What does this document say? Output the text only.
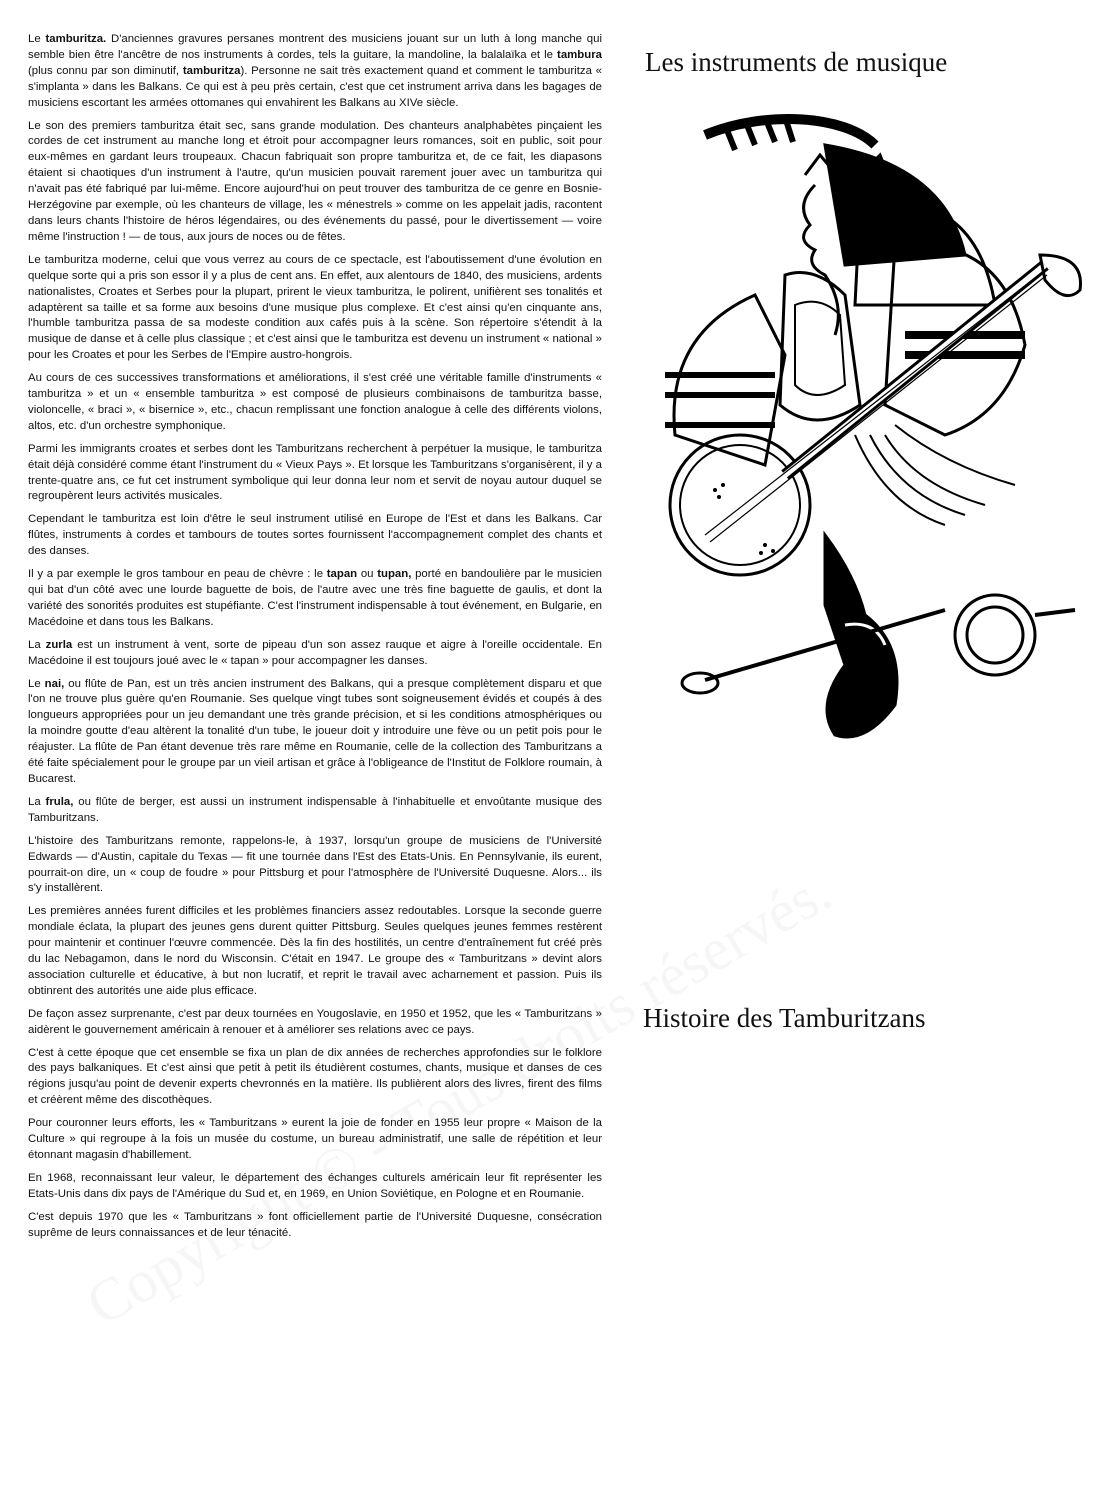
Le tamburitza. D'anciennes gravures persanes montrent des musiciens jouant sur un luth à long manche qui semble bien être l'ancêtre de nos instruments à cordes, tels la guitare, la mandoline, la balalaïka et le tambura (plus connu par son diminutif, tamburitza). Personne ne sait très exactement quand et comment le tamburitza « s'implanta » dans les Balkans. Ce qui est à peu près certain, c'est que cet instrument arriva dans les bagages de musiciens escortant les armées ottomanes qui envahirent les Balkans au XIVe siècle.

Le son des premiers tamburitza était sec, sans grande modulation. Des chanteurs analphabètes pinçaient les cordes de cet instrument au manche long et étroit pour accompagner leurs romances, soit en public, soit pour eux-mêmes en gardant leurs troupeaux. Chacun fabriquait son propre tamburitza et, de ce fait, les diapasons étaient si chaotiques d'un instrument à l'autre, qu'un musicien pouvait rarement jouer avec un tamburitza qui n'avait pas été fabriqué par lui-même. Encore aujourd'hui on peut trouver des tamburitza de ce genre en Bosnie-Herzégovine par exemple, où les chanteurs de village, les « ménestrels » comme on les appelait jadis, racontent dans leurs chants l'histoire de héros légendaires, ou des événements du passé, pour le divertissement — voire même l'instruction ! — de tous, aux jours de noces ou de fêtes.

Le tamburitza moderne, celui que vous verrez au cours de ce spectacle, est l'aboutissement d'une évolution en quelque sorte qui a pris son essor il y a plus de cent ans. En effet, aux alentours de 1840, des musiciens, ardents nationalistes, Croates et Serbes pour la plupart, prirent le vieux tamburitza, le polirent, unifièrent ses tonalités et adaptèrent sa taille et sa forme aux besoins d'une musique plus complexe. Et c'est ainsi qu'en cinquante ans, l'humble tamburitza passa de sa modeste condition aux cafés puis à la scène. Son répertoire s'étendit à la musique de danse et à celle plus classique ; et c'est ainsi que le tamburitza est devenu un instrument « national » pour les Croates et pour les Serbes de l'Empire austro-hongrois.

Au cours de ces successives transformations et améliorations, il s'est créé une véritable famille d'instruments « tamburitza » et un « ensemble tamburitza » est composé de plusieurs combinaisons de tamburitza basse, violoncelle, « braci », « bisernice », etc., chacun remplissant une fonction analogue à celle des différents violons, altos, etc. d'un orchestre symphonique.

Parmi les immigrants croates et serbes dont les Tamburitzans recherchent à perpétuer la musique, le tamburitza était déjà considéré comme étant l'instrument du « Vieux Pays ». Et lorsque les Tamburitzans s'organisèrent, il y a trente-quatre ans, ce fut cet instrument symbolique qui leur donna leur nom et servit de noyau autour duquel se regroupèrent leurs activités musicales.

Cependant le tamburitza est loin d'être le seul instrument utilisé en Europe de l'Est et dans les Balkans. Car flûtes, instruments à cordes et tambours de toutes sortes fournissent l'accompagnement complet des chants et des danses.

Il y a par exemple le gros tambour en peau de chèvre : le tapan ou tupan, porté en bandoulière par le musicien qui bat d'un côté avec une lourde baguette de bois, de l'autre avec une très fine baguette de gaulis, et dont la variété des sonorités produites est stupéfiante. C'est l'instrument indispensable à tout événement, en Bulgarie, en Macédoine et dans tous les Balkans.

La zurla est un instrument à vent, sorte de pipeau d'un son assez rauque et aigre à l'oreille occidentale. En Macédoine il est toujours joué avec le « tapan » pour accompagner les danses.

Le nai, ou flûte de Pan, est un très ancien instrument des Balkans, qui a presque complètement disparu et que l'on ne trouve plus guère qu'en Roumanie. Ses quelque vingt tubes sont soigneusement évidés et coupés à des longueurs appropriées pour un jeu demandant une très grande précision, et si les conditions atmosphériques ou la moindre goutte d'eau altèrent la tonalité d'un tube, le joueur doit y introduire une fève ou un petit pois pour le réajuster. La flûte de Pan étant devenue très rare même en Roumanie, celle de la collection des Tamburitzans a été faite spécialement pour le groupe par un vieil artisan et grâce à l'obligeance de l'Institut de Folklore roumain, à Bucarest.

La frula, ou flûte de berger, est aussi un instrument indispensable à l'inhabituelle et envoûtante musique des Tamburitzans.

L'histoire des Tamburitzans remonte, rappelons-le, à 1937, lorsqu'un groupe de musiciens de l'Université Edwards — d'Austin, capitale du Texas — fit une tournée dans l'Est des Etats-Unis. En Pennsylvanie, ils eurent, pourrait-on dire, un « coup de foudre » pour Pittsburg et pour l'atmosphère de l'Université Duquesne. Alors... ils s'y installèrent.

Les premières années furent difficiles et les problèmes financiers assez redoutables. Lorsque la seconde guerre mondiale éclata, la plupart des jeunes gens durent quitter Pittsburg. Seules quelques jeunes femmes restèrent pour maintenir et continuer l'œuvre commencée. Dès la fin des hostilités, un centre d'entraînement fut créé près du lac Nebagamon, dans le nord du Wisconsin. C'était en 1947. Le groupe des « Tamburitzans » devint alors association culturelle et éducative, à but non lucratif, et reprit le travail avec acharnement et passion. Puis ils obtinrent des autorités une aide plus efficace.

De façon assez surprenante, c'est par deux tournées en Yougoslavie, en 1950 et 1952, que les « Tamburitzans » aidèrent le gouvernement américain à renouer et à améliorer ses relations avec ce pays.

C'est à cette époque que cet ensemble se fixa un plan de dix années de recherches approfondies sur le folklore des pays balkaniques. Et c'est ainsi que petit à petit ils étudièrent costumes, chants, musique et danses de ces régions jusqu'au point de devenir experts chevronnés en la matière. Ils publièrent alors des livres, firent des films et créèrent même des discothèques.

Pour couronner leurs efforts, les « Tamburitzans » eurent la joie de fonder en 1955 leur propre « Maison de la Culture » qui regroupe à la fois un musée du costume, un bureau administratif, une salle de répétition et leur étonnant magasin d'habillement.

En 1968, reconnaissant leur valeur, le département des échanges culturels américain leur fit représenter les Etats-Unis dans dix pays de l'Amérique du Sud et, en 1969, en Union Soviétique, en Pologne et en Roumanie.

C'est depuis 1970 que les « Tamburitzans » font officiellement partie de l'Université Duquesne, consécration suprême de leurs connaissances et de leur ténacité.

Les instruments de musique
Histoire des Tamburitzans
